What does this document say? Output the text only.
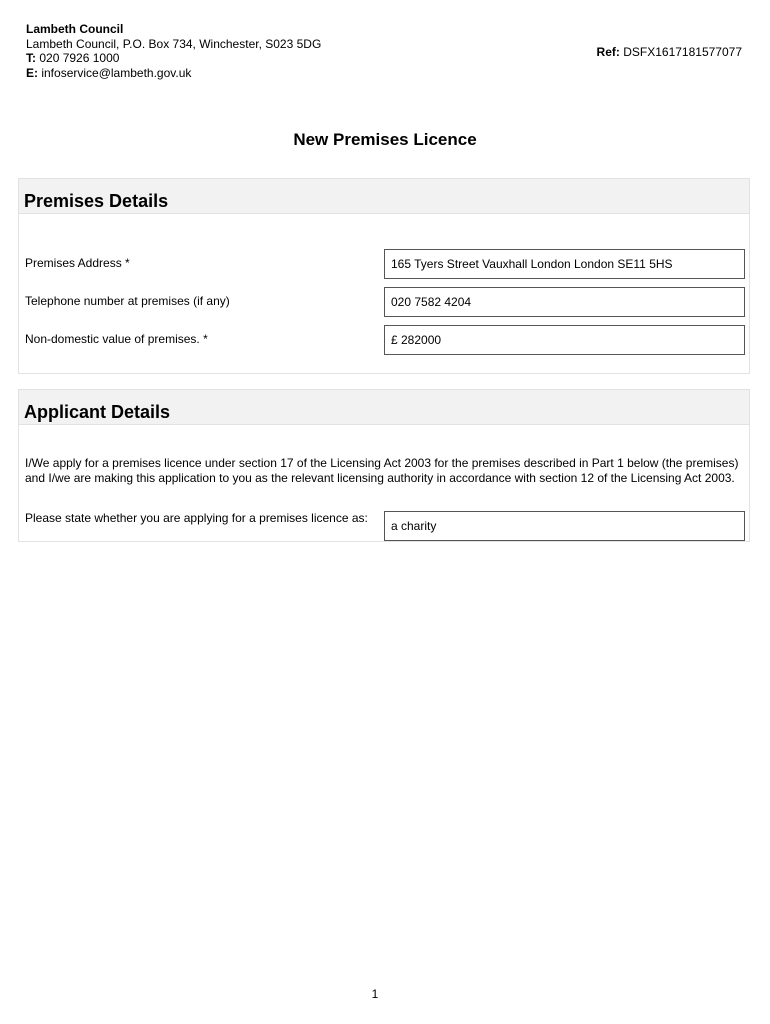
Lambeth Council
Lambeth Council, P.O. Box 734, Winchester, S023 5DG
T: 020 7926 1000
E: infoservice@lambeth.gov.uk
Ref: DSFX1617181577077
New Premises Licence
Premises Details
Premises Address *	165 Tyers Street Vauxhall London London SE11 5HS
Telephone number at premises (if any)	020 7582 4204
Non-domestic value of premises. *	£ 282000
Applicant Details
I/We apply for a premises licence under section 17 of the Licensing Act 2003 for the premises described in Part 1 below (the premises) and I/we are making this application to you as the relevant licensing authority in accordance with section 12 of the Licensing Act 2003.
Please state whether you are applying for a premises licence as:
a charity
1
